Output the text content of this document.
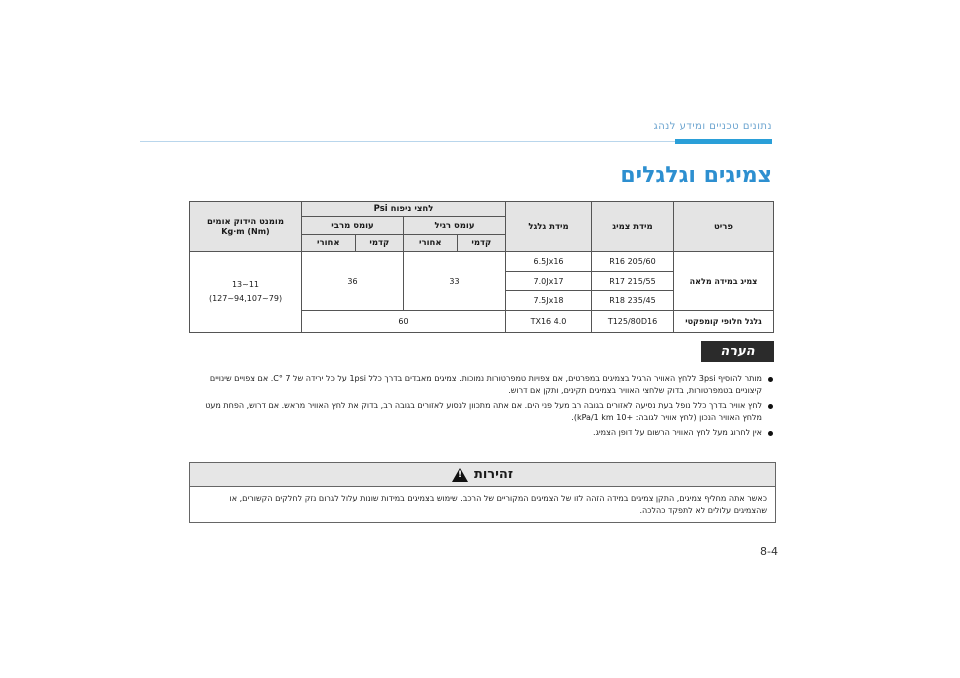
נתונים טכניים ומידע לנהג
צמיגים וגלגלים
פריט	מידת צמיג	מידת גלגל	לחצי ניפוח Psi				מומנט הידוק אומים
Kg·m (Nm)

			עומס רגיל		עומס מרבי		
			קדמי	אחורי	קדמי	אחורי	
צמיג במידה מלאה	205/60 R16	6.5Jx16	33		36		11~13
(79~94,107~127)

	215/55 R17	7.0Jx17					
	235/45 R18	7.5Jx18					
גלגל חלופי קומפקטי	T125/80D16	4.0 TX16	60				
הערה
מותר להוסיף 3psi ללחץ האוויר הרגיל בצמיגים במפרטים, אם צפויות טמפרטורות נמוכות. צמיגים מאבדים בדרך כלל 1psi על כל ירידה של 7 °C. אם צפויים שינויים קיצוניים בטמפרטורות, בדוק שלחצי האוויר בצמיגים תקינים, ותקן אם דרוש.
לחץ אוויר בדרך כלל נופל בעת נסיעה לאזורים בגובה רב מעל פני הים. אם אתה מתכוון לנסוע לאזורים בגובה רב, בדוק את לחץ האוויר מראש. אם דרוש, הפחת מעט מלחץ האוויר הנכון (לחץ אוויר לגובה: +10 kPa/1 km).
אין לחרוג מעל לחץ האוויר הרשום על דופן הצמיג.
זהירות
!
כאשר אתה מחליף צמיגים, התקן צמיגים במידה הזהה לזו של הצמיגים המקוריים של הרכב. שימוש בצמיגים במידות שונות עלול לגרום נזק לחלקים הקשורים, או שהצמיגים עלולים לא לתפקד כהלכה.
8-4
